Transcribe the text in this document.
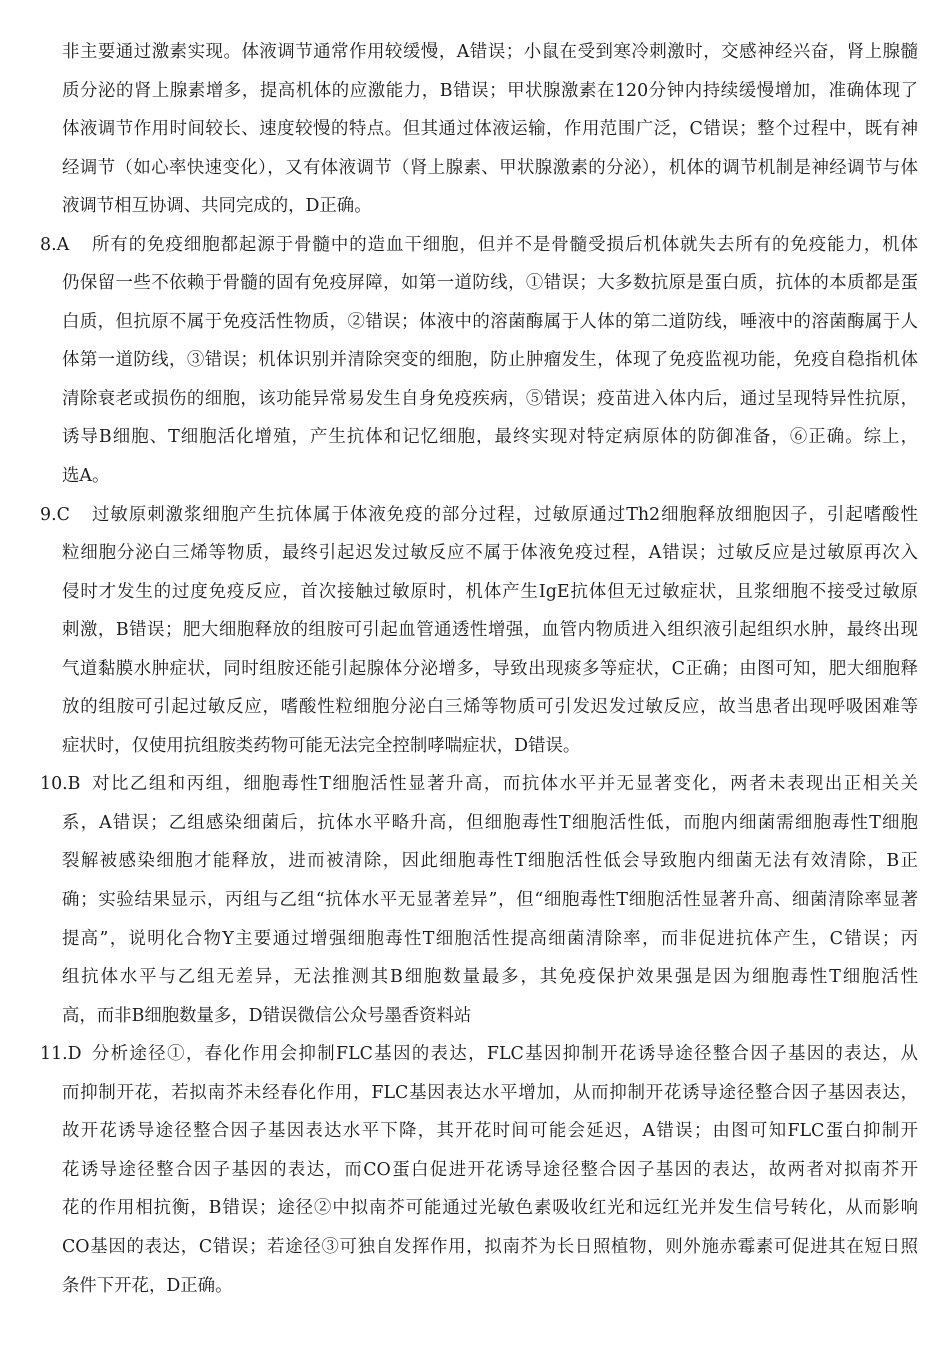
非主要通过激素实现。体液调节通常作用较缓慢，A错误；小鼠在受到寒冷刺激时，交感神经兴奋，肾上腺髓
质分泌的肾上腺素增多，提高机体的应激能力，B错误；甲状腺激素在120分钟内持续缓慢增加，准确体现了
体液调节作用时间较长、速度较慢的特点。但其通过体液运输，作用范围广泛，C错误；整个过程中，既有神
经调节（如心率快速变化），又有体液调节（肾上腺素、甲状腺激素的分泌），机体的调节机制是神经调节与体
液调节相互协调、共同完成的，D正确。
8.A 所有的免疫细胞都起源于骨髓中的造血干细胞，但并不是骨髓受损后机体就失去所有的免疫能力，机体
仍保留一些不依赖于骨髓的固有免疫屏障，如第一道防线，①错误；大多数抗原是蛋白质，抗体的本质都是蛋
白质，但抗原不属于免疫活性物质，②错误；体液中的溶菌酶属于人体的第二道防线，唾液中的溶菌酶属于人
体第一道防线，③错误；机体识别并清除突变的细胞，防止肿瘤发生，体现了免疫监视功能，免疫自稳指机体
清除衰老或损伤的细胞，该功能异常易发生自身免疫疾病，⑤错误；疫苗进入体内后，通过呈现特异性抗原，
诱导B细胞、T细胞活化增殖，产生抗体和记忆细胞，最终实现对特定病原体的防御准备，⑥正确。综上，
选A。
9.C 过敏原刺激浆细胞产生抗体属于体液免疫的部分过程，过敏原通过Th2细胞释放细胞因子，引起嗜酸性
粒细胞分泌白三烯等物质，最终引起迟发过敏反应不属于体液免疫过程，A错误；过敏反应是过敏原再次入
侵时才发生的过度免疫反应，首次接触过敏原时，机体产生IgE抗体但无过敏症状，且浆细胞不接受过敏原
刺激，B错误；肥大细胞释放的组胺可引起血管通透性增强，血管内物质进入组织液引起组织水肿，最终出现
气道黏膜水肿症状，同时组胺还能引起腺体分泌增多，导致出现痰多等症状，C正确；由图可知，肥大细胞释
放的组胺可引起过敏反应，嗜酸性粒细胞分泌白三烯等物质可引发迟发过敏反应，故当患者出现呼吸困难等
症状时，仅使用抗组胺类药物可能无法完全控制哮喘症状，D错误。
10.B 对比乙组和丙组，细胞毒性T细胞活性显著升高，而抗体水平并无显著变化，两者未表现出正相关关
系，A错误；乙组感染细菌后，抗体水平略升高，但细胞毒性T细胞活性低，而胞内细菌需细胞毒性T细胞
裂解被感染细胞才能释放，进而被清除，因此细胞毒性T细胞活性低会导致胞内细菌无法有效清除，B正
确；实验结果显示，丙组与乙组“抗体水平无显著差异”，但“细胞毒性T细胞活性显著升高、细菌清除率显著
提高”，说明化合物Y主要通过增强细胞毒性T细胞活性提高细菌清除率，而非促进抗体产生，C错误；丙
组抗体水平与乙组无差异，无法推测其B细胞数量最多，其免疫保护效果强是因为细胞毒性T细胞活性
高，而非B细胞数量多，D错误微信公众号墨香资料站
11.D 分析途径①，春化作用会抑制FLC基因的表达，FLC基因抑制开花诱导途径整合因子基因的表达，从
而抑制开花，若拟南芥未经春化作用，FLC基因表达水平增加，从而抑制开花诱导途径整合因子基因表达，
故开花诱导途径整合因子基因表达水平下降，其开花时间可能会延迟，A错误；由图可知FLC蛋白抑制开
花诱导途径整合因子基因的表达，而CO蛋白促进开花诱导途径整合因子基因的表达，故两者对拟南芥开
花的作用相抗衡，B错误；途径②中拟南芥可能通过光敏色素吸收红光和远红光并发生信号转化，从而影响
CO基因的表达，C错误；若途径③可独自发挥作用，拟南芥为长日照植物，则外施赤霉素可促进其在短日照
条件下开花，D正确。
